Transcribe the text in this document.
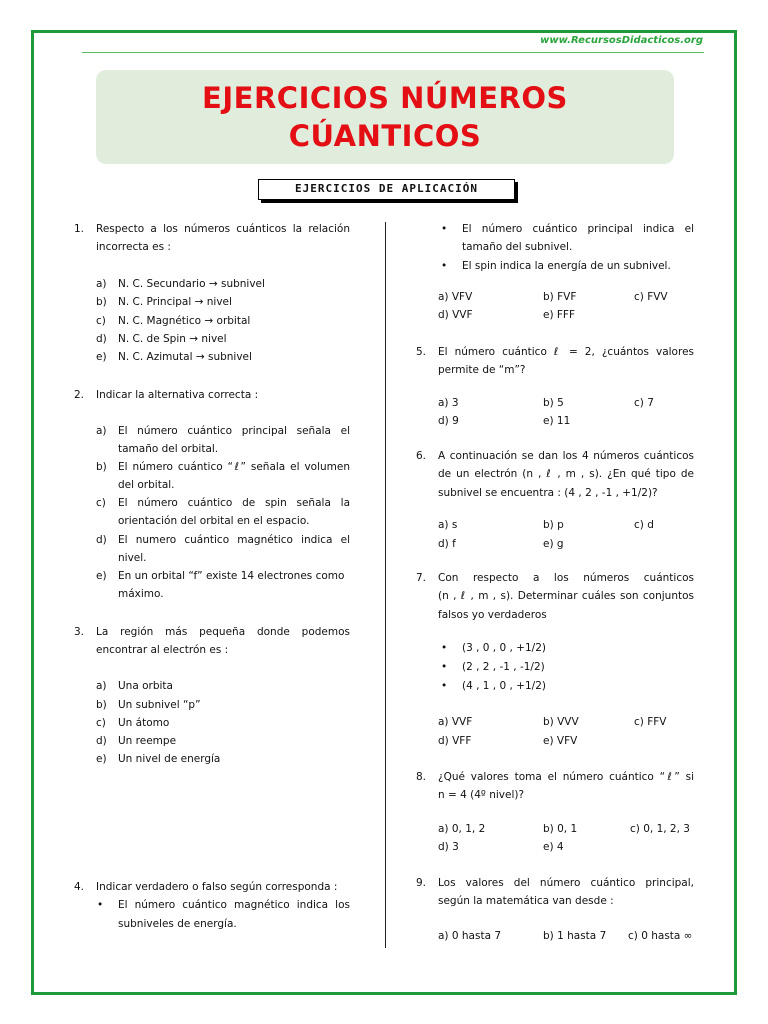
www.RecursosDidacticos.org
EJERCICIOS NÚMEROS
CÚANTICOS
EJERCICIOS DE APLICACIÓN
1. Respecto a los números cuánticos la relación
incorrecta es :
a) N. C. Secundario → subnivel
b) N. C. Principal → nivel
c) N. C. Magnético → orbital
d) N. C. de Spin → nivel
e) N. C. Azimutal → subnivel
2. Indicar la alternativa correcta :
a) El número cuántico principal señala el
tamaño del orbital.
b) El número cuántico “ℓ” señala el volumen
del orbital.
c) El número cuántico de spin señala la
orientación del orbital en el espacio.
d) El numero cuántico magnético indica el
nivel.
e) En un orbital “f” existe 14 electrones como
máximo.
3. La región más pequeña donde podemos
encontrar al electrón es :
a) Una orbita
b) Un subnivel “p”
c) Un átomo
d) Un reempe
e) Un nivel de energía
4. Indicar verdadero o falso según corresponda :
• El número cuántico magnético indica los
subniveles de energía.
• El número cuántico principal indica el
tamaño del subnivel.
• El spin indica la energía de un subnivel.
a) VFV	b) FVF	c) FVV
d) VVF	e) FFF
5. El número cuántico ℓ = 2, ¿cuántos valores
permite de “m”?
a) 3	b) 5	c) 7
d) 9	e) 11
6. A continuación se dan los 4 números cuánticos
de un electrón (n , ℓ , m , s). ¿En qué tipo de
subnivel se encuentra : (4 , 2 , -1 , +1/2)?
a) s	b) p	c) d
d) f	e) g
7. Con respecto a los números cuánticos
(n , ℓ , m , s). Determinar cuáles son conjuntos
falsos yo verdaderos
• (3 , 0 , 0 , +1/2)
• (2 , 2 , -1 , -1/2)
• (4 , 1 , 0 , +1/2)
a) VVF	b) VVV	c) FFV
d) VFF	e) VFV
8. ¿Qué valores toma el número cuántico “ℓ” si
n = 4 (4º nivel)?
a) 0, 1, 2	b) 0, 1	c) 0, 1, 2, 3
d) 3	e) 4
9. Los valores del número cuántico principal,
según la matemática van desde :
a) 0 hasta 7	b) 1 hasta 7 c) 0 hasta ∞
